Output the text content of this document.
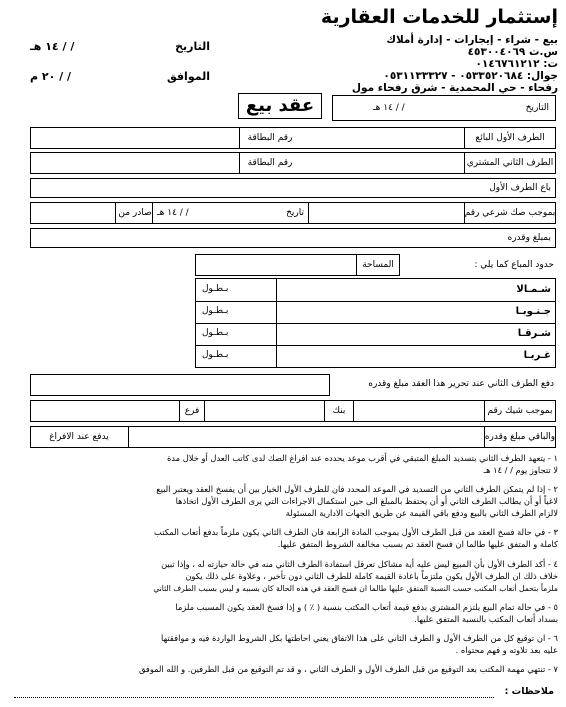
إستثمار للخدمات العقارية
بيع - شراء - إيجارات - إدارة أملاك
س.ت ٤٥٣٠٠٤٠٦٩
ت: ٠١٤٦٧٦١٢١٢
جوال: ٠٥٣٣٥٢٠٦٨٤ - ٠٥٣١١٣٣٣٢٧
رفحاء - حي المحمدية - شرق رفحاء مول
التاريخ
/ / ١٤ هـ
الموافق
/ / ٢٠ م
عقد بيع	التاريخ
/ / ١٤ هـ
الطرف الأول البائع
رقم البطاقة
الطرف الثاني المشتري
رقم البطاقة
باع الطرف الأول
بموجب صك شرعي رقم
تاريخ
/ / ١٤ هـ
صادر من
بمبلغ وقدره
حدود المباع كما يلي :
المساحة
شـمـالا
بـطـول
جـنـوبـا
بـطـول
شـرقـا
بـطـول
غـربـا
بـطـول
دفع الطرف الثاني عند تحرير هذا العقد مبلغ وقدره
بموجب شيك رقم
بنك
فرع
والباقي مبلغ وقدره
يدفع عند الافراغ
١ - يتعهد الطرف الثاني بتسديد المبلغ المتبقي في أقرب موعد يحدده عند افراغ الصك لدى كاتب العدل أو خلال مدة
لا تتجاوز يوم / / ١٤ هـ
٢ - إذا لم يتمكن الطرف الثاني من التسديد في الموعد المحدد فان للطرف الأول الخيار بين أن يفسخ العقد ويعتبر البيع
لاغياً أو أن يطالب الطرف الثاني أو أن يحتفظ بالمبلغ الى حين استكمال الاجراءات التي يرى الطرف الأول اتخاذها
لالزام الطرف الثاني بالبيع ودفع باقي القيمة عن طريق الجهات الادارية المسئولة
٣ - في حالة فسخ العقد من قبل الطرف الأول بموجب المادة الرابعة فان الطرف الثاني يكون ملزماً بدفع أتعاب المكتب
كاملة و المتفق عليها طالما ان فسخ العقد تم بسبب مخالفة الشروط المتفق عليها.
٤ - أكد الطرف الأول بأن المبيع ليس عليه أية مشاكل تعرقل استفادة الطرف الثاني منه في حالة حيازته له ، وإذا تبين
خلاف ذلك ان الطرف الأول يكون ملتزماً باعادة القيمة كاملة للطرف الثاني دون تأخير ، وعلاوة على ذلك يكون
ملزماً بتحمل أتعاب المكتب حسب النسبة المتفق عليها طالما ان فسخ العقد في هذه الحالة كان بسببه و ليس بسبب الطرف الثاني
٥ - في حالة تمام البيع يلتزم المشتري بدفع قيمة أتعاب المكتب بنسبة ( ٪ ) و إذا فسخ العقد يكون المسبب ملزما
بسداد أتعاب المكتب بالنسبة المتفق عليها.
٦ - ان توقيع كل من الطرف الأول و الطرف الثاني على هذا الاتفاق يعني احاطتها بكل الشروط الواردة فيه و موافقتها
عليه بعد تلاوته و فهم محتواه .
٧ - تنتهي مهمة المكتب بعد التوقيع من قبل الطرف الأول و الطرف الثاني ، و قد تم التوقيع من قبل الطرفين. و الله الموفق
ملاحظات :
